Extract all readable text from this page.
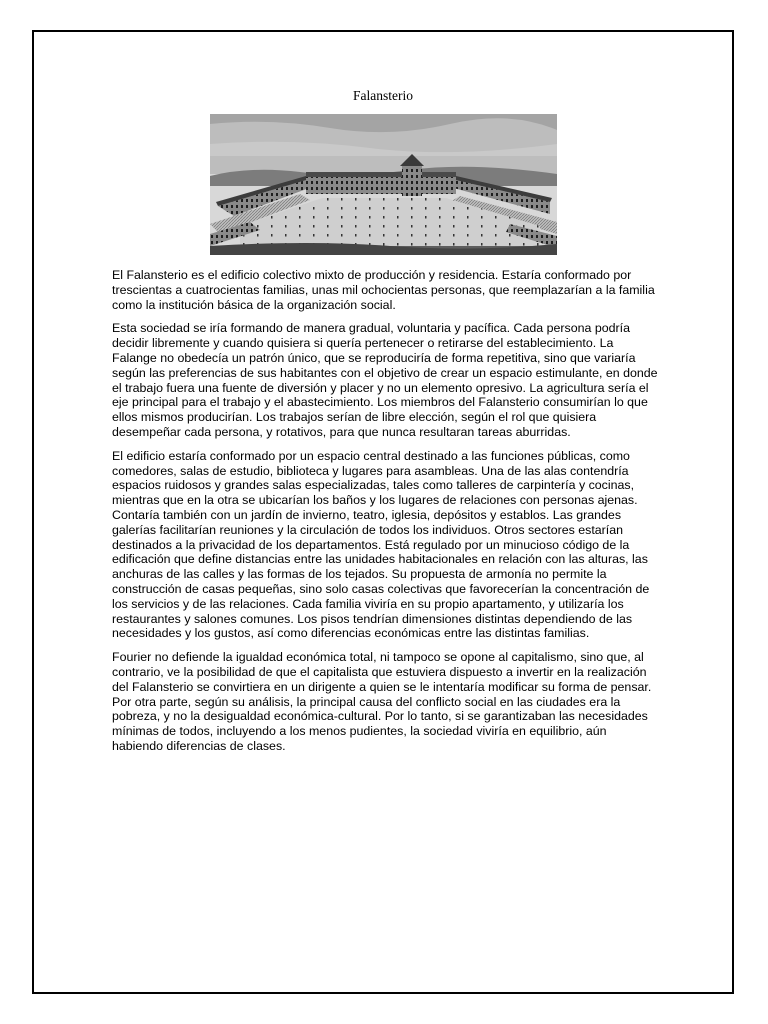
Falansterio

El Falansterio es el edificio colectivo mixto de producción y residencia. Estaría conformado por trescientas a cuatrocientas familias, unas mil ochocientas personas, que reemplazarían a la familia como la institución básica de la organización social.

Esta sociedad se iría formando de manera gradual, voluntaria y pacífica. Cada persona podría decidir libremente y cuando quisiera si quería pertenecer o retirarse del establecimiento. La Falange no obedecía un patrón único, que se reproduciría de forma repetitiva, sino que variaría según las preferencias de sus habitantes con el objetivo de crear un espacio estimulante, en donde el trabajo fuera una fuente de diversión y placer y no un elemento opresivo. La agricultura sería el eje principal para el trabajo y el abastecimiento. Los miembros del Falansterio consumirían lo que ellos mismos producirían. Los trabajos serían de libre elección, según el rol que quisiera desempeñar cada persona, y rotativos, para que nunca resultaran tareas aburridas.

El edificio estaría conformado por un espacio central destinado a las funciones públicas, como comedores, salas de estudio, biblioteca y lugares para asambleas. Una de las alas contendría espacios ruidosos y grandes salas especializadas, tales como talleres de carpintería y cocinas, mientras que en la otra se ubicarían los baños y los lugares de relaciones con personas ajenas. Contaría también con un jardín de invierno, teatro, iglesia, depósitos y establos. Las grandes galerías facilitarían reuniones y la circulación de todos los individuos. Otros sectores estarían destinados a la privacidad de los departamentos. Está regulado por un minucioso código de la edificación que define distancias entre las unidades habitacionales en relación con las alturas, las anchuras de las calles y las formas de los tejados. Su propuesta de armonía no permite la construcción de casas pequeñas, sino solo casas colectivas que favorecerían la concentración de los servicios y de las relaciones. Cada familia viviría en su propio apartamento, y utilizaría los restaurantes y salones comunes. Los pisos tendrían dimensiones distintas dependiendo de las necesidades y los gustos, así como diferencias económicas entre las distintas familias.

Fourier no defiende la igualdad económica total, ni tampoco se opone al capitalismo, sino que, al contrario, ve la posibilidad de que el capitalista que estuviera dispuesto a invertir en la realización del Falansterio se convirtiera en un dirigente a quien se le intentaría modificar su forma de pensar. Por otra parte, según su análisis, la principal causa del conflicto social en las ciudades era la pobreza, y no la desigualdad económica-cultural. Por lo tanto, si se garantizaban las necesidades mínimas de todos, incluyendo a los menos pudientes, la sociedad viviría en equilibrio, aún habiendo diferencias de clases.
